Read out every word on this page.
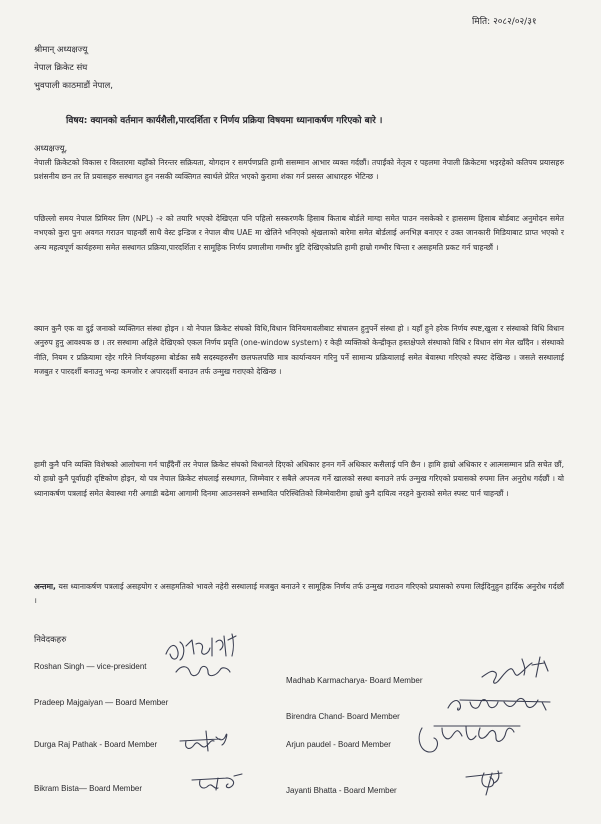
मिति: २०८२/०२/३१
श्रीमान् अध्यक्षज्यू
नेपाल क्रिकेट संघ
भुवपाली काठमाडौं नेपाल,
विषय: क्यानको वर्तमान कार्यशैली,पारदर्शिता र निर्णय प्रक्रिया विषयमा ध्यानाकर्षण गरिएको बारे ।
अध्यक्षज्यू,
नेपाली क्रिकेटको विकास र विस्तारमा यहाँको निरन्तर सक्रियता, योगदान र समर्पणप्रति हामी ससम्मान आभार व्यक्त गर्दछौं। तपाईंको नेतृत्व र पहलमा नेपाली क्रिकेटमा भइरहेको कतिपय प्रयासहरु प्रशंसनीय छन तर ति प्रयासहरु सस्थागत हुन नसकी व्यक्तिगत स्वार्थले प्रेरित भएको कुरामा शंका गर्न प्रसस्त आधारहरु भेटिन्छ ।
पछिल्लो समय नेपाल प्रिमियर लिग (NPL) -२ को तयारि भएको देखिएता पनि पहिलो सस्करणकै हिसाब किताब बोर्डले माग्दा समेत पाउन नसकेको र हाससम्म हिसाब बोर्डबाट अनुमोदन समेत नभएको कुरा पुनः अवगत गराउन चाहन्छौं साथै वेस्ट इन्डिज र नेपाल बीच UAE मा खेलिने भनिएको श्रृंखलाको बारेमा समेत बोर्डलाई अनभिज्ञ बनाएर र उक्त जानकारी मिडियाबाट प्राप्त भएको र अन्य महत्वपूर्ण कार्यहरुमा समेत सस्थागत प्रक्रिया,पारदर्शिता र सामूहिक निर्णय प्रणालीमा गम्भीर त्रुटि देखिएकोप्रति हामी हाम्रो गम्भीर चिन्ता र असहमति प्रकट गर्न चाहन्छौं ।
क्यान कुनै एक वा दुई जनाको व्यक्तिगत संस्था होइन । यो नेपाल क्रिकेट संघको विधि,विधान विनियमावलीबाट संचालन हुनुपर्ने संस्था हो । यहाँ हुने हरेक निर्णय स्पष्ट,खुला र संस्थाको विधि विधान अनुरुप हुनु आवश्यक छ । तर सस्थामा अहिले देखिएको एकल निर्णय प्रवृति (one-window system) र केही व्यक्तिको केन्द्रीकृत हस्तक्षेपले संस्थाको विधि र विधान संग मेल खाँदैन । संस्थाको नीति, नियम र प्रक्रियामा रहेर गरिने निर्णयहरुमा बोर्डका सबै सदस्यहरुसँग छलफलपछि मात्र कार्यान्वयन गरिनु पर्ने सामान्य प्रक्रियालाई समेत बेवास्था गरिएको स्पस्ट देखिन्छ । जसले सस्थालाई मजबुत र पारदर्शी बनाउनु भन्दा कमजोर र अपारदर्शी बनाउन तर्फ उन्मुख गराएको देखिन्छ ।
हामी कुनै पनि व्यक्ति विशेषको आलोचना गर्न चाहँदैनौं तर नेपाल क्रिकेट संघको विधानले दिएको अधिकार हनन गर्ने अधिकार कसैलाई पनि छैन । हामि हाम्रो अधिकार र आत्मसम्मान प्रति सचेत छौं, यो हाम्रो कुनै पूर्वाग्रही दृष्टिकोण होइन, यो पत्र नेपाल क्रिकेट संघलाई सस्थागत, जिम्मेवार र सबैले अपनत्व गर्ने खालको सस्था बनाउने तर्फ उन्मुख गरिएको प्रयासको रुपमा लिन अनुरोध गर्दछौं । यो ध्यानाकर्षण पत्रलाई समेत बेवास्था गरी अगाडी बढेमा आगामी दिनमा आउनसक्ने सम्भावित परिस्थितिको जिम्मेवारीमा हाम्रो कुनै दायित्व नरहने कुराको समेत स्पस्ट पार्न चाहन्छौं ।
अन्तमा, यस ध्यानाकर्षण पत्रलाई असहयोग र असहमतिको भावले नहेरी सस्थालाई मजबुत बनाउने र सामूहिक निर्णय तर्फ उन्मुख गराउन गरिएको प्रयासको रुपमा लिईदिनुहुन हार्दिक अनुरोध गर्दछौं ।
निवेदकहरु
Roshan Singh — vice-president
Madhab Karmacharya- Board Member
Pradeep Majgaiyan — Board Member
Birendra Chand- Board Member
Durga Raj Pathak - Board Member	Arjun paudel - Board Member
Bikram Bista— Board Member	Jayanti Bhatta - Board Member
